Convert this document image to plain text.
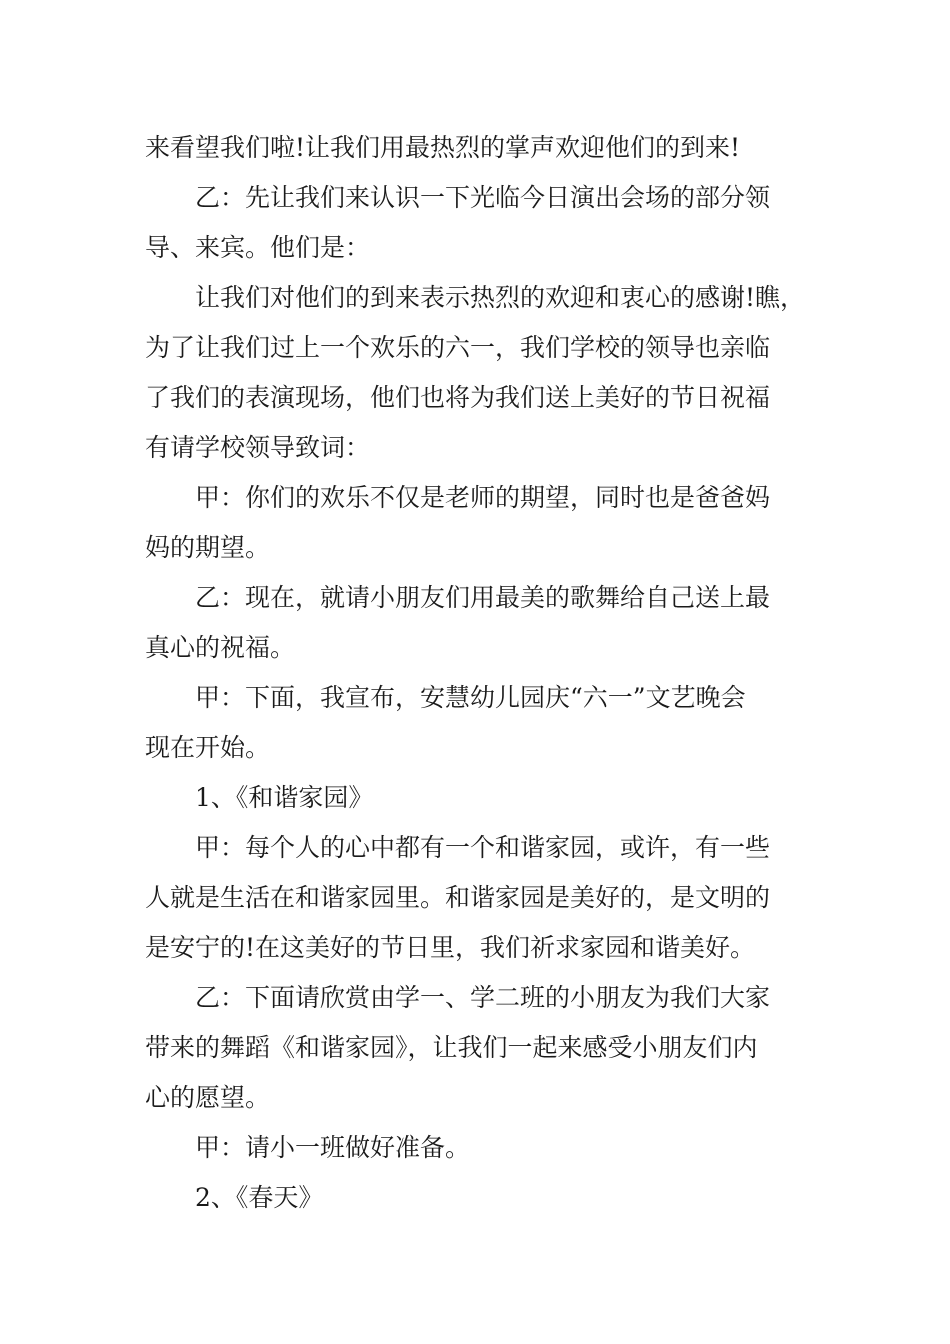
来看望我们啦!让我们用最热烈的掌声欢迎他们的到来!
乙：先让我们来认识一下光临今日演出会场的部分领
导、来宾。他们是：
让我们对他们的到来表示热烈的欢迎和衷心的感谢!瞧，
为了让我们过上一个欢乐的六一，我们学校的领导也亲临
了我们的表演现场，他们也将为我们送上美好的节日祝福
有请学校领导致词：
甲：你们的欢乐不仅是老师的期望，同时也是爸爸妈
妈的期望。
乙：现在，就请小朋友们用最美的歌舞给自己送上最
真心的祝福。
甲：下面，我宣布，安慧幼儿园庆“六一”文艺晚会
现在开始。
1、《和谐家园》
甲：每个人的心中都有一个和谐家园，或许，有一些
人就是生活在和谐家园里。和谐家园是美好的，是文明的
是安宁的!在这美好的节日里，我们祈求家园和谐美好。
乙：下面请欣赏由学一、学二班的小朋友为我们大家
带来的舞蹈《和谐家园》，让我们一起来感受小朋友们内
心的愿望。
甲：请小一班做好准备。
2、《春天》
